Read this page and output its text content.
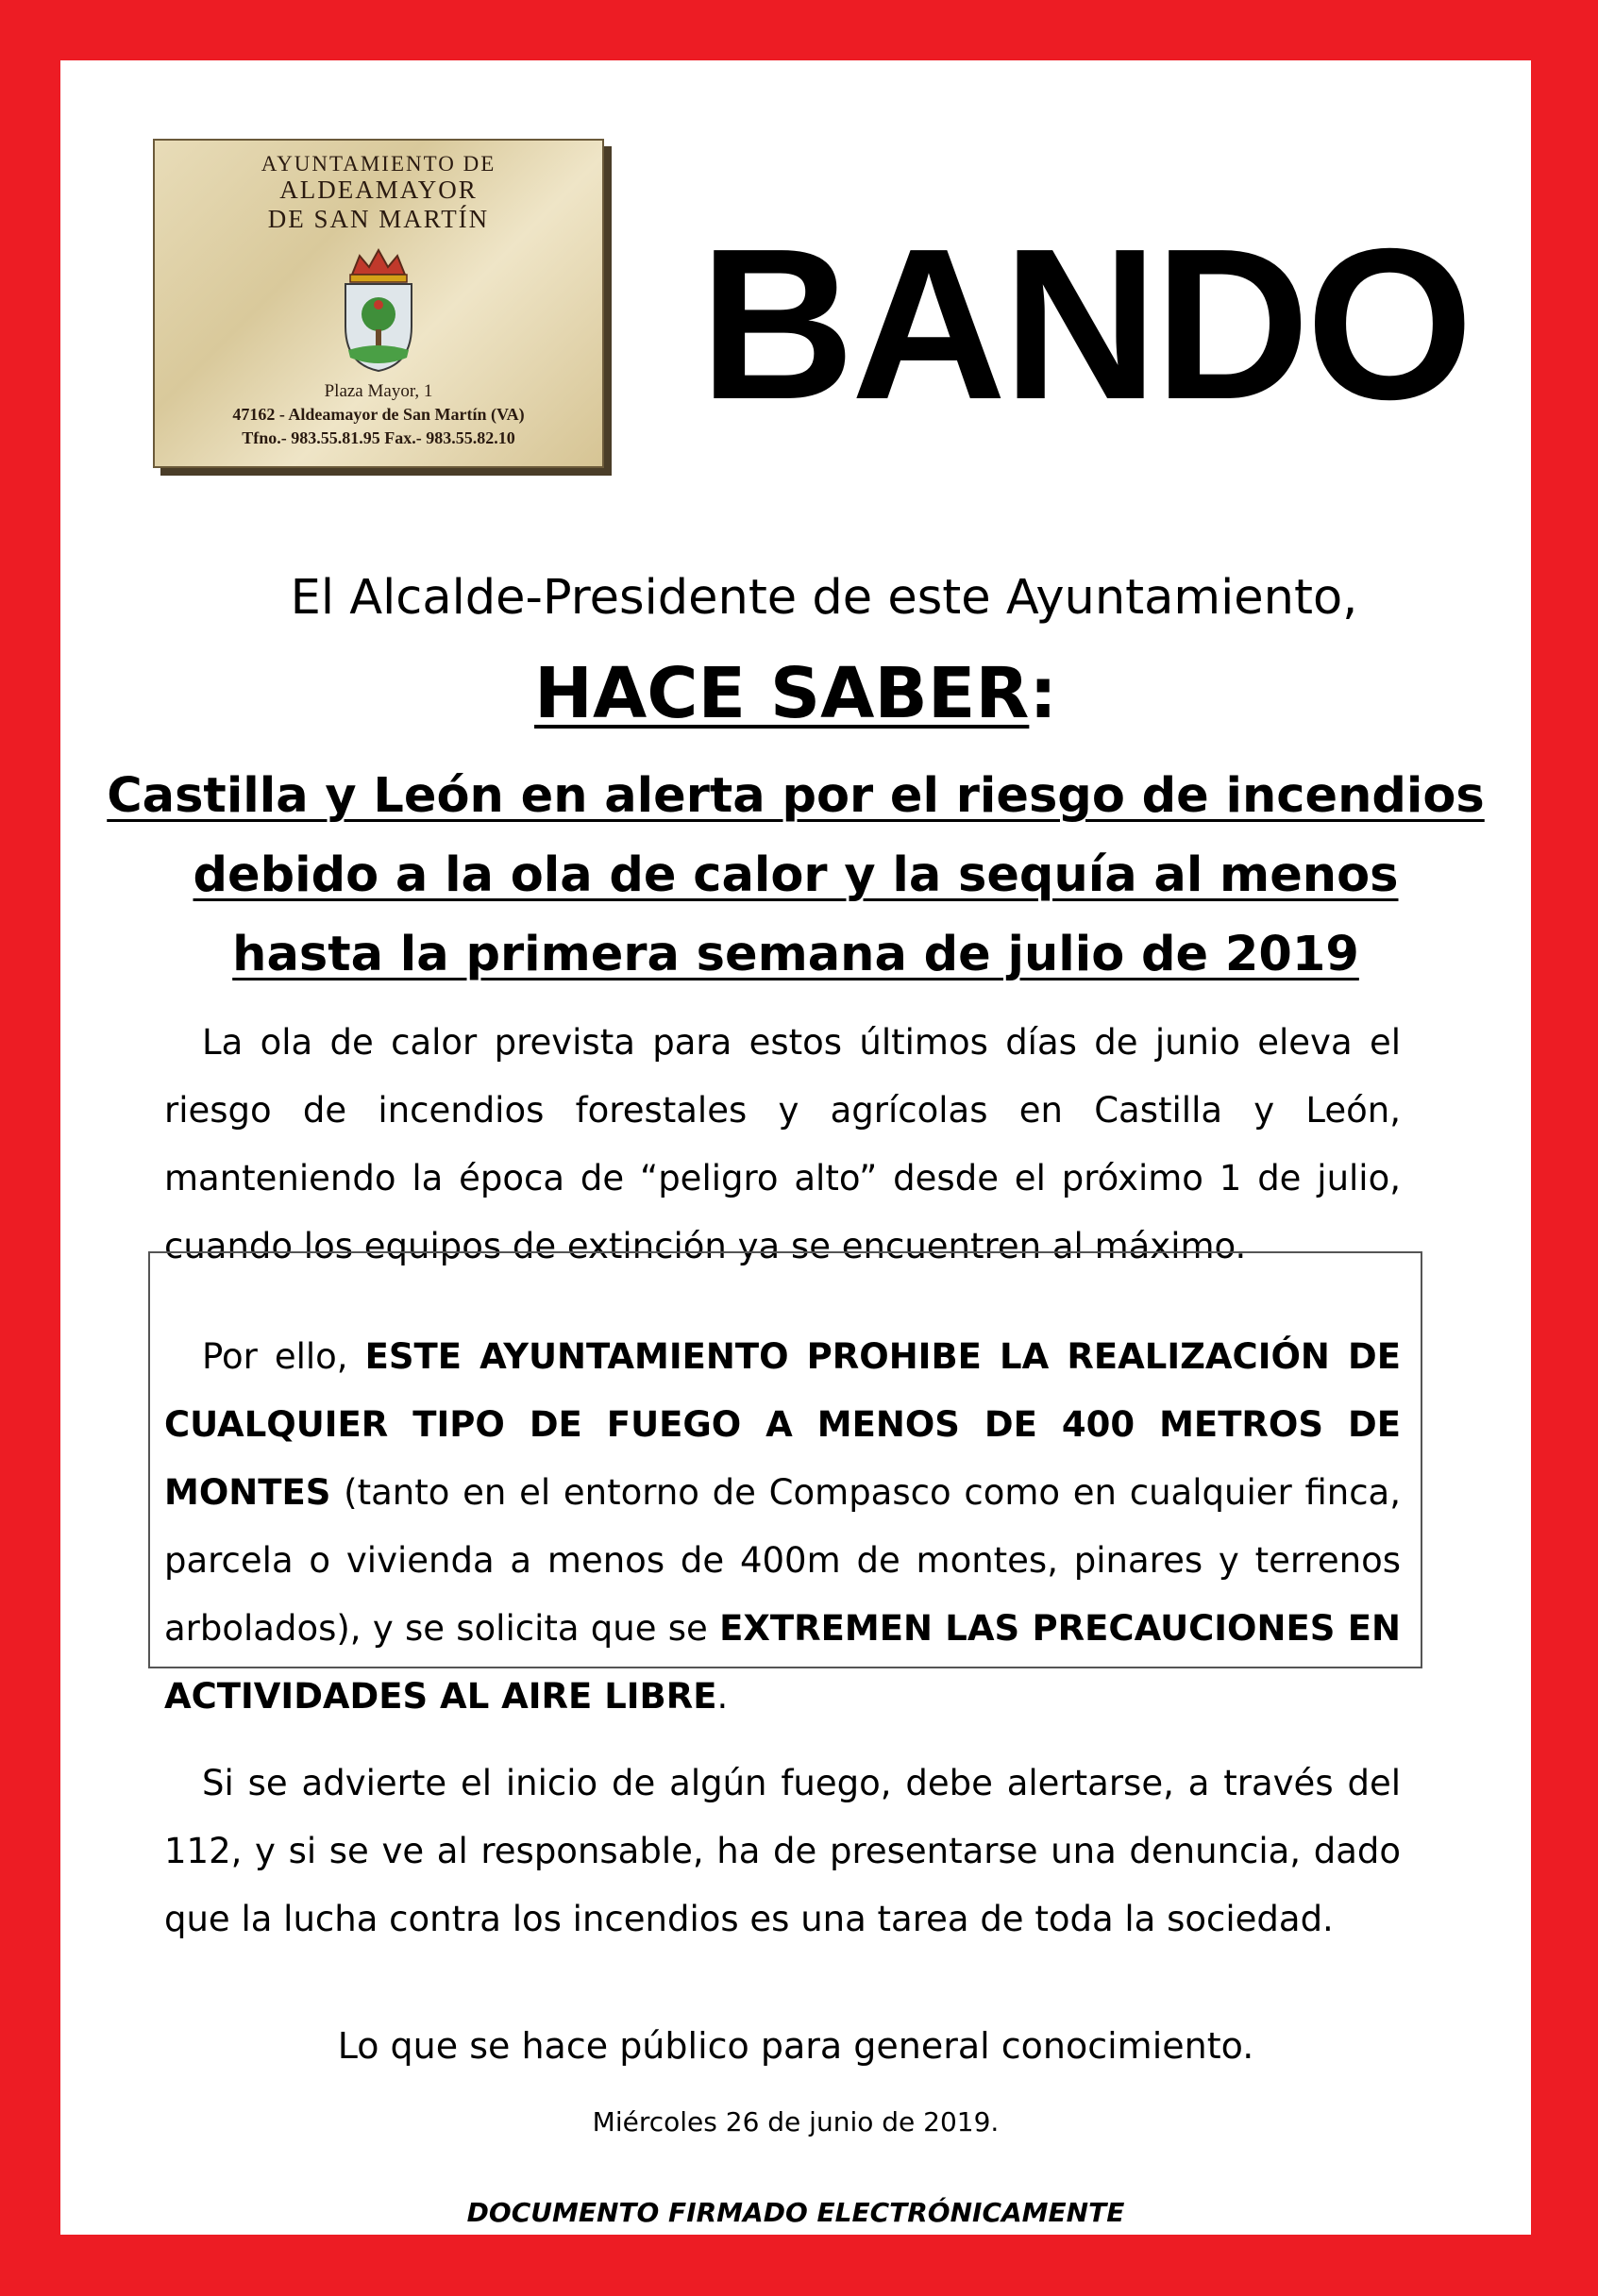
AYUNTAMIENTO DE
ALDEAMAYOR
DE SAN MARTÍN
Plaza Mayor, 1
47162 - Aldeamayor de San Martín (VA)
Tfno.- 983.55.81.95 Fax.- 983.55.82.10 BANDO
El Alcalde-Presidente de este Ayuntamiento,
HACE SABER:
Castilla y León en alerta por el riesgo de incendios
debido a la ola de calor y la sequía al menos
hasta la primera semana de julio de 2019
La ola de calor prevista para estos últimos días de junio eleva el riesgo de incendios forestales y agrícolas en Castilla y León, manteniendo la época de “peligro alto” desde el próximo 1 de julio, cuando los equipos de extinción ya se encuentren al máximo.
Por ello, ESTE AYUNTAMIENTO PROHIBE LA REALIZACIÓN DE CUALQUIER TIPO DE FUEGO A MENOS DE 400 METROS DE MONTES (tanto en el entorno de Compasco como en cualquier finca, parcela o vivienda a menos de 400m de montes, pinares y terrenos arbolados), y se solicita que se EXTREMEN LAS PRECAUCIONES EN ACTIVIDADES AL AIRE LIBRE.
Si se advierte el inicio de algún fuego, debe alertarse, a través del 112, y si se ve al responsable, ha de presentarse una denuncia, dado que la lucha contra los incendios es una tarea de toda la sociedad.
Lo que se hace público para general conocimiento.
Miércoles 26 de junio de 2019.
DOCUMENTO FIRMADO ELECTRÓNICAMENTE
